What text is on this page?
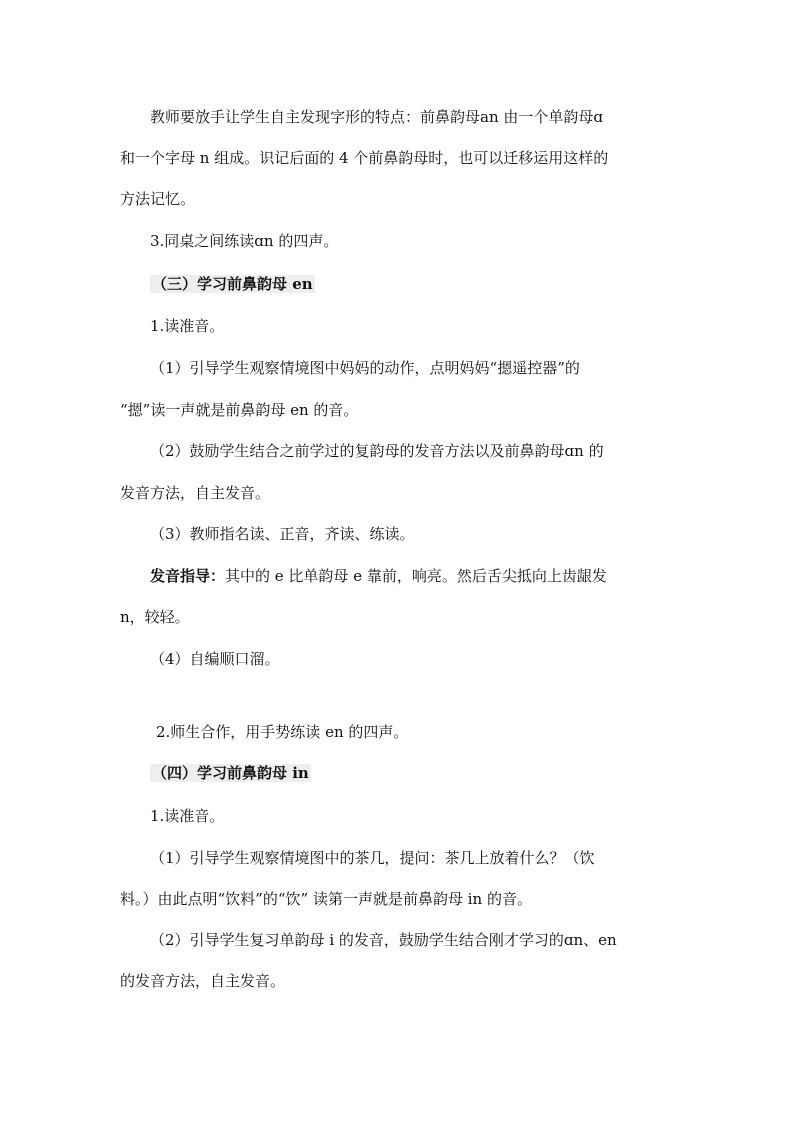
教师要放手让学生自主发现字形的特点：前鼻韵母an 由一个单韵母ɑ
和一个字母 n 组成。识记后面的 4 个前鼻韵母时，也可以迁移运用这样的
方法记忆。
3.同桌之间练读ɑn 的四声。
（三）学习前鼻韵母 en
1.读准音。
（1）引导学生观察情境图中妈妈的动作，点明妈妈“摁遥控器”的
“摁”读一声就是前鼻韵母 en 的音。
（2）鼓励学生结合之前学过的复韵母的发音方法以及前鼻韵母ɑn 的
发音方法，自主发音。
（3）教师指名读、正音，齐读、练读。
发音指导：其中的 e 比单韵母 e 靠前，响亮。然后舌尖抵向上齿龈发
n，较轻。
（4）自编顺口溜。
2.师生合作，用手势练读 en 的四声。
（四）学习前鼻韵母 in
1.读准音。
（1）引导学生观察情境图中的茶几，提问：茶几上放着什么？（饮
料。）由此点明“饮料”的“饮” 读第一声就是前鼻韵母 in 的音。
（2）引导学生复习单韵母 i 的发音，鼓励学生结合刚才学习的ɑn、en
的发音方法，自主发音。
